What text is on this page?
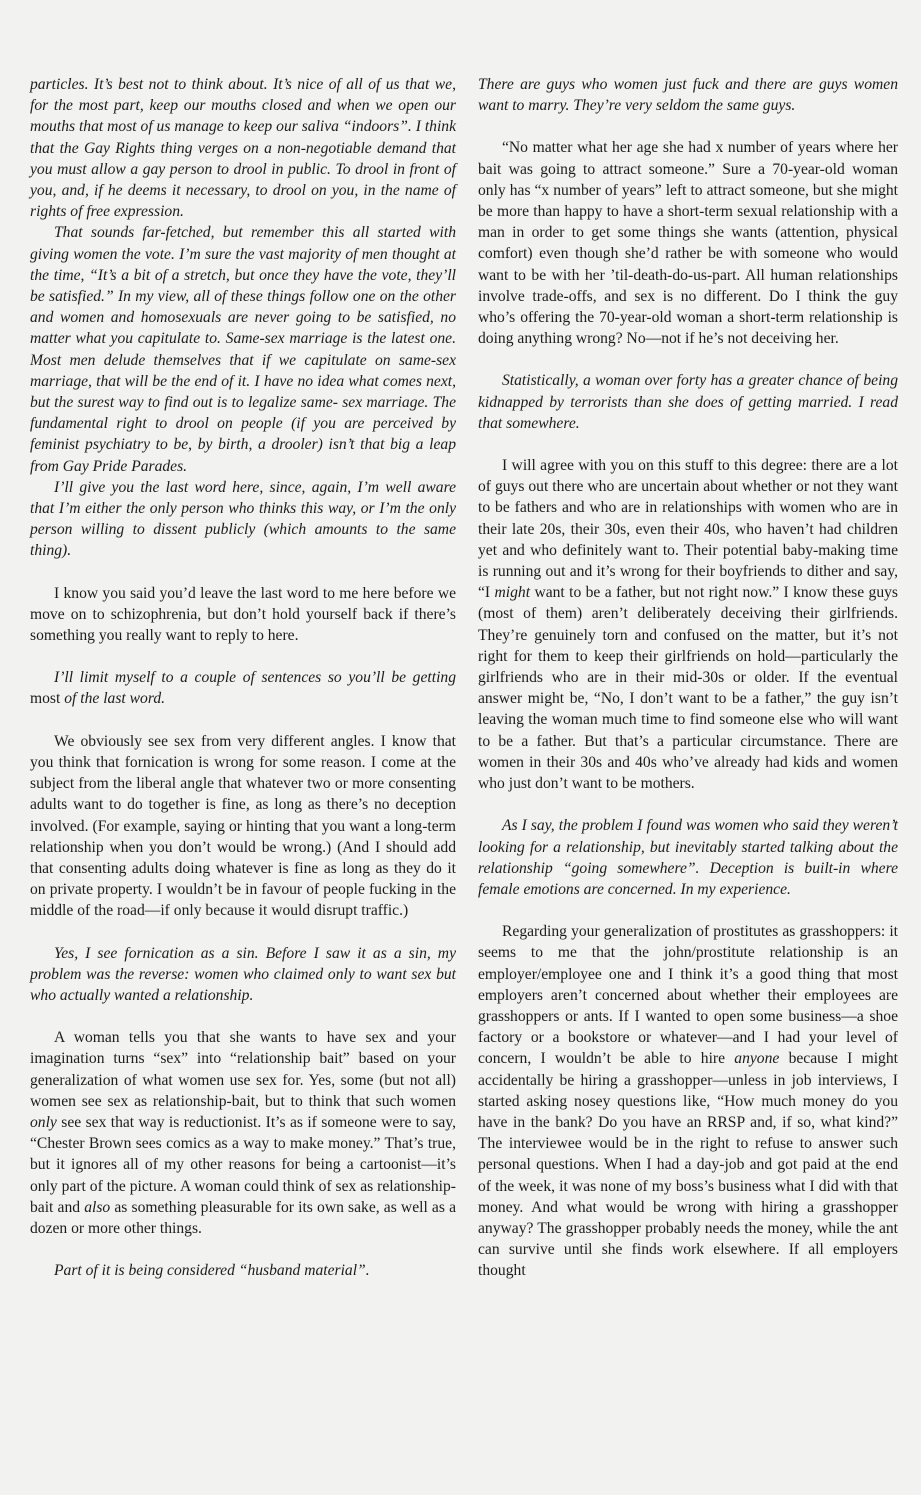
particles. It’s best not to think about. It’s nice of all of us that we, for the most part, keep our mouths closed and when we open our mouths that most of us manage to keep our saliva “indoors”. I think that the Gay Rights thing verges on a non-negotiable demand that you must allow a gay person to drool in public. To drool in front of you, and, if he deems it necessary, to drool on you, in the name of rights of free expression.

That sounds far-fetched, but remember this all started with giving women the vote. I’m sure the vast majority of men thought at the time, “It’s a bit of a stretch, but once they have the vote, they’ll be satisfied.” In my view, all of these things follow one on the other and women and homosexuals are never going to be satisfied, no matter what you capitulate to. Same-sex marriage is the latest one. Most men delude themselves that if we capitulate on same-sex marriage, that will be the end of it. I have no idea what comes next, but the surest way to find out is to legalize same- sex marriage. The fundamental right to drool on people (if you are perceived by feminist psychiatry to be, by birth, a drooler) isn’t that big a leap from Gay Pride Parades.

I’ll give you the last word here, since, again, I’m well aware that I’m either the only person who thinks this way, or I’m the only person willing to dissent publicly (which amounts to the same thing).

I know you said you’d leave the last word to me here before we move on to schizophrenia, but don’t hold yourself back if there’s something you really want to reply to here.

I’ll limit myself to a couple of sentences so you’ll be getting most of the last word.

We obviously see sex from very different angles. I know that you think that fornication is wrong for some reason. I come at the subject from the liberal angle that whatever two or more consenting adults want to do together is fine, as long as there’s no deception involved. (For example, saying or hinting that you want a long-term relationship when you don’t would be wrong.) (And I should add that consenting adults doing whatever is fine as long as they do it on private property. I wouldn’t be in favour of people fucking in the middle of the road—if only because it would disrupt traffic.)

Yes, I see fornication as a sin. Before I saw it as a sin, my problem was the reverse: women who claimed only to want sex but who actually wanted a relationship.

A woman tells you that she wants to have sex and your imagination turns “sex” into “relationship bait” based on your generalization of what women use sex for. Yes, some (but not all) women see sex as relationship-bait, but to think that such women only see sex that way is reductionist. It’s as if someone were to say, “Chester Brown sees comics as a way to make money.” That’s true, but it ignores all of my other reasons for being a cartoonist—it’s only part of the picture. A woman could think of sex as relationship-bait and also as something pleasurable for its own sake, as well as a dozen or more other things.

Part of it is being considered “husband material”.

There are guys who women just fuck and there are guys women want to marry. They’re very seldom the same guys.

“No matter what her age she had x number of years where her bait was going to attract someone.” Sure a 70-year-old woman only has “x number of years” left to attract someone, but she might be more than happy to have a short-term sexual relationship with a man in order to get some things she wants (attention, physical comfort) even though she’d rather be with someone who would want to be with her ’til-death-do-us-part. All human relationships involve trade-offs, and sex is no different. Do I think the guy who’s offering the 70-year-old woman a short-term relationship is doing anything wrong? No—not if he’s not deceiving her.

Statistically, a woman over forty has a greater chance of being kidnapped by terrorists than she does of getting married. I read that somewhere.

I will agree with you on this stuff to this degree: there are a lot of guys out there who are uncertain about whether or not they want to be fathers and who are in relationships with women who are in their late 20s, their 30s, even their 40s, who haven’t had children yet and who definitely want to. Their potential baby-making time is running out and it’s wrong for their boyfriends to dither and say, “I might want to be a father, but not right now.” I know these guys (most of them) aren’t deliberately deceiving their girlfriends. They’re genuinely torn and confused on the matter, but it’s not right for them to keep their girlfriends on hold—particularly the girlfriends who are in their mid-30s or older. If the eventual answer might be, “No, I don’t want to be a father,” the guy isn’t leaving the woman much time to find someone else who will want to be a father. But that’s a particular circumstance. There are women in their 30s and 40s who’ve already had kids and women who just don’t want to be mothers.

As I say, the problem I found was women who said they weren’t looking for a relationship, but inevitably started talking about the relationship “going somewhere”. Deception is built-in where female emotions are concerned. In my experience.

Regarding your generalization of prostitutes as grasshoppers: it seems to me that the john/prostitute relationship is an employer/employee one and I think it’s a good thing that most employers aren’t concerned about whether their employees are grasshoppers or ants. If I wanted to open some business—a shoe factory or a bookstore or whatever—and I had your level of concern, I wouldn’t be able to hire anyone because I might accidentally be hiring a grasshopper—unless in job interviews, I started asking nosey questions like, “How much money do you have in the bank? Do you have an RRSP and, if so, what kind?” The interviewee would be in the right to refuse to answer such personal questions. When I had a day-job and got paid at the end of the week, it was none of my boss’s business what I did with that money. And what would be wrong with hiring a grasshopper anyway? The grasshopper probably needs the money, while the ant can survive until she finds work elsewhere. If all employers thought
